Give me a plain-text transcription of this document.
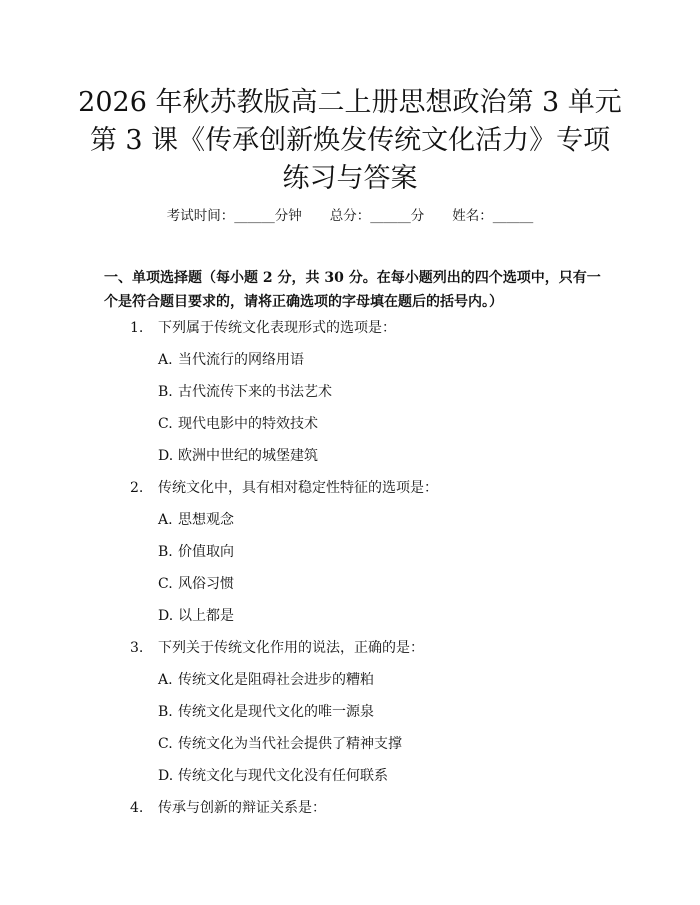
2026 年秋苏教版高二上册思想政治第 3 单元
第 3 课《传承创新焕发传统文化活力》专项
练习与答案
考试时间：______分钟 总分：______分 姓名：______
一、单项选择题（每小题 2 分，共 30 分。在每小题列出的四个选项中，只有一个是符合题目要求的，请将正确选项的字母填在题后的括号内。）
1. 下列属于传统文化表现形式的选项是：
A. 当代流行的网络用语
B. 古代流传下来的书法艺术
C. 现代电影中的特效技术
D. 欧洲中世纪的城堡建筑
2. 传统文化中，具有相对稳定性特征的选项是：
A. 思想观念
B. 价值取向
C. 风俗习惯
D. 以上都是
3. 下列关于传统文化作用的说法，正确的是：
A. 传统文化是阻碍社会进步的糟粕
B. 传统文化是现代文化的唯一源泉
C. 传统文化为当代社会提供了精神支撑
D. 传统文化与现代文化没有任何联系
4. 传承与创新的辩证关系是：
